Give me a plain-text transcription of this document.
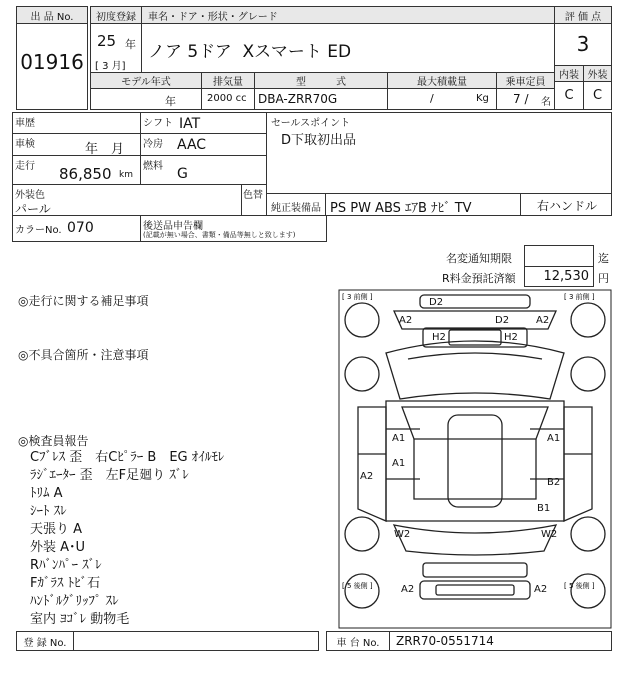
出 品 No.
01916
初度登録
25 年
[ 3 月]
車名・ドア・形状・グレード
ノア 5ドア  Xスマート ED
評 価 点
3
内装 外装
C	C
モデル年式	排気量	型　　　式	最大積載量	乗車定員
年	2000 cc DBA-ZRR70G	/	Kg 7 / 名
車歴	シフト IAT
車検	年　月 冷房 AAC
走行 86,850 km
燃料 G
外装色
パール
色替
カラーNo. 070	後送品申告欄
(記載が無い場合、書類・備品等無しと致します)
セールスポイント
D下取初出品
純正装備品 PS PW ABS ｴｱB ﾅﾋﾞ TV	右ハンドル
名変通知期限	迄
R料金預託済額 12,530 円
◎走行に関する補足事項
◎不具合箇所・注意事項
◎検査員報告
Cﾌﾞﾚｽ 歪　右Cﾋﾟﾗｰ B　EG ｵｲﾙﾓﾚ
ﾗｼﾞｴｰﾀｰ 歪　左F足廻り ｽﾞﾚ
ﾄﾘﾑ A
ｼｰﾄ ｽﾚ
天張り A
外装 A･U
Rﾊﾞﾝﾊﾟｰ ｽﾞﾚ
Fｶﾞﾗｽ ﾄﾋﾞ石
ﾊﾝﾄﾞﾙｸﾞﾘｯﾌﾟ ｽﾚ
室内 ﾖｺﾞﾚ 動物毛
[ 3 前側 ]	[ 3 前側 ]
[ 5 後側 ]	[ 5 後側 ]
D2
A2	D2	A2
H2	H2
A1	A1
A1
A2
B2
B1
W2	W2
A2	A2
登 録 No.	車 台 No.	ZRR70-0551714
